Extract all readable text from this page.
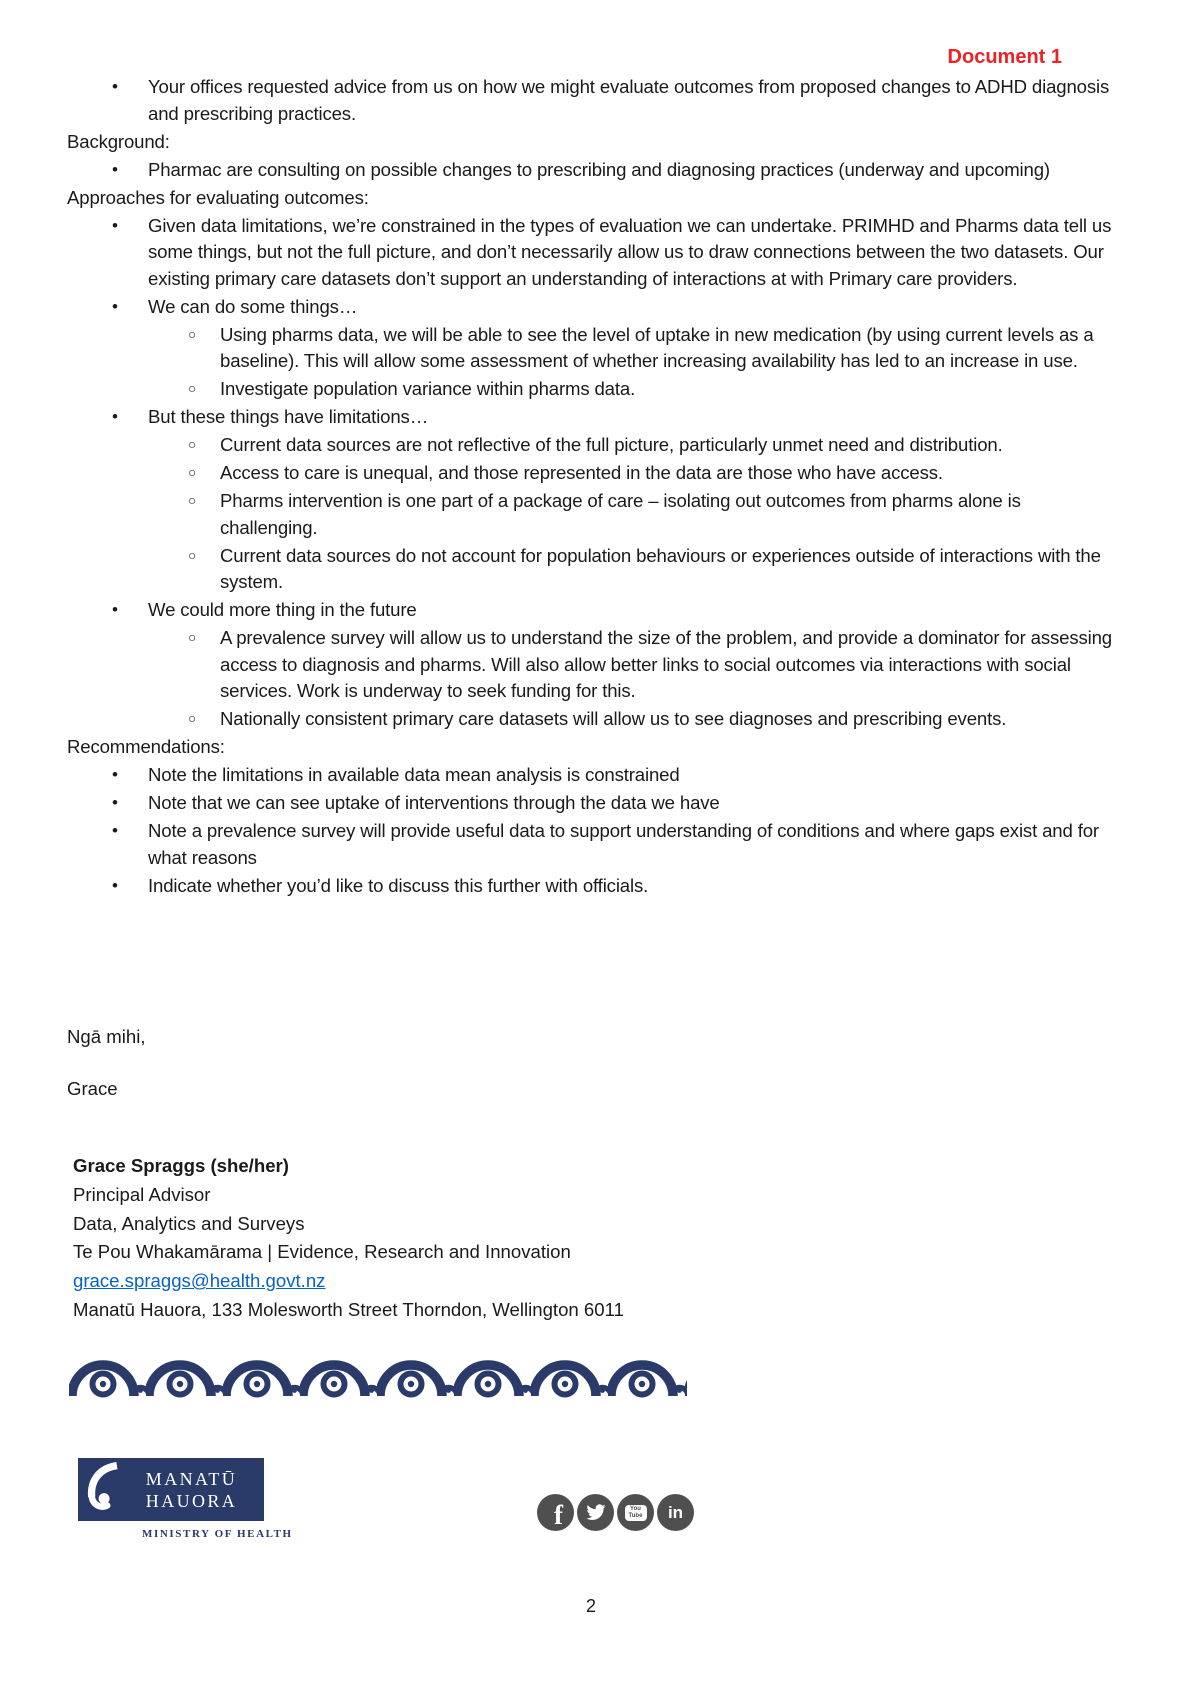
Document 1
• Your offices requested advice from us on how we might evaluate outcomes from proposed changes to ADHD diagnosis and prescribing practices.
Background:
• Pharmac are consulting on possible changes to prescribing and diagnosing practices (underway and upcoming)
Approaches for evaluating outcomes:
• Given data limitations, we’re constrained in the types of evaluation we can undertake. PRIMHD and Pharms data tell us some things, but not the full picture, and don’t necessarily allow us to draw connections between the two datasets. Our existing primary care datasets don’t support an understanding of interactions at with Primary care providers.
• We can do some things…
○ Using pharms data, we will be able to see the level of uptake in new medication (by using current levels as a baseline). This will allow some assessment of whether increasing availability has led to an increase in use.
○ Investigate population variance within pharms data.
• But these things have limitations…
○ Current data sources are not reflective of the full picture, particularly unmet need and distribution.
○ Access to care is unequal, and those represented in the data are those who have access.
○ Pharms intervention is one part of a package of care – isolating out outcomes from pharms alone is challenging.
○ Current data sources do not account for population behaviours or experiences outside of interactions with the system.
• We could more thing in the future
○ A prevalence survey will allow us to understand the size of the problem, and provide a dominator for assessing access to diagnosis and pharms. Will also allow better links to social outcomes via interactions with social services. Work is underway to seek funding for this.
○ Nationally consistent primary care datasets will allow us to see diagnoses and prescribing events.
Recommendations:
• Note the limitations in available data mean analysis is constrained
• Note that we can see uptake of interventions through the data we have
• Note a prevalence survey will provide useful data to support understanding of conditions and where gaps exist and for what reasons
• Indicate whether you’d like to discuss this further with officials.
Ngā mihi,
Grace
Grace Spraggs (she/her)
Principal Advisor
Data, Analytics and Surveys
Te Pou Whakamārama | Evidence, Research and Innovation
grace.spraggs@health.govt.nz
Manatū Hauora, 133 Molesworth Street Thorndon, Wellington 6011
MANATŪ
HAUORA
MINISTRY OF HEALTH
f	You
Tube in
2
